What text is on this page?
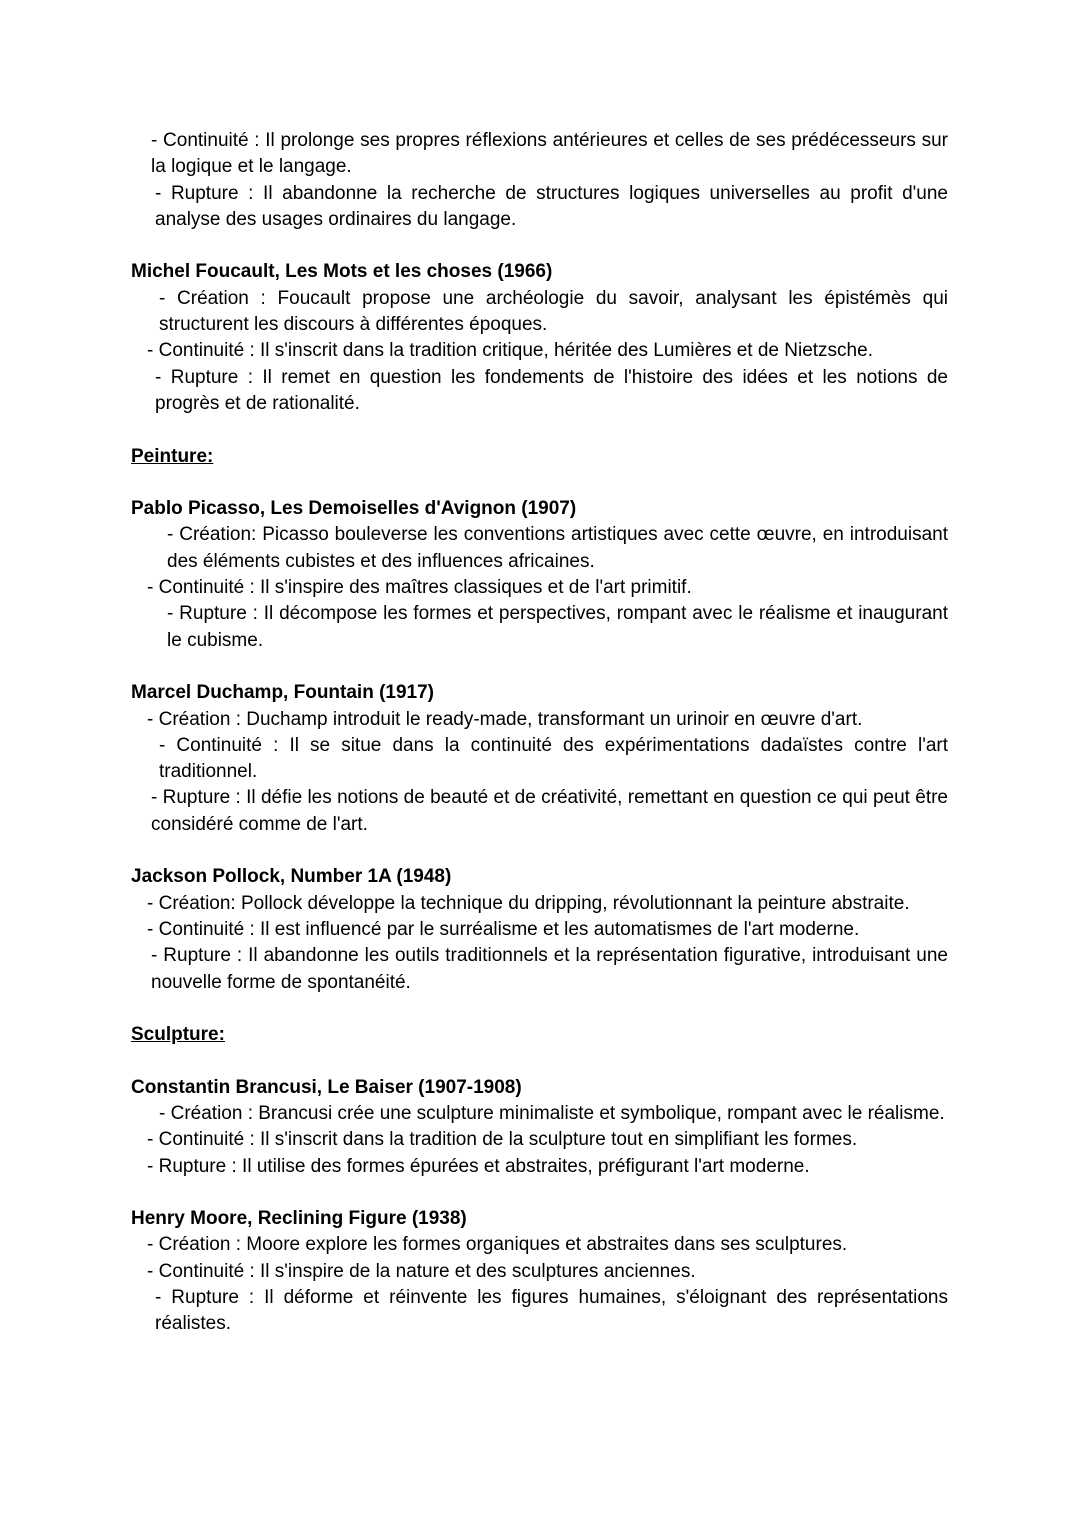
- Continuité : Il prolonge ses propres réflexions antérieures et celles de ses prédécesseurs sur la logique et le langage.

- Rupture : Il abandonne la recherche de structures logiques universelles au profit d'une analyse des usages ordinaires du langage.

Michel Foucault, Les Mots et les choses (1966)

- Création : Foucault propose une archéologie du savoir, analysant les épistémès qui structurent les discours à différentes époques.

- Continuité : Il s'inscrit dans la tradition critique, héritée des Lumières et de Nietzsche.

- Rupture : Il remet en question les fondements de l'histoire des idées et les notions de progrès et de rationalité.

Peinture:

Pablo Picasso, Les Demoiselles d'Avignon (1907)

- Création: Picasso bouleverse les conventions artistiques avec cette œuvre, en introduisant des éléments cubistes et des influences africaines.

- Continuité : Il s'inspire des maîtres classiques et de l'art primitif.

- Rupture : Il décompose les formes et perspectives, rompant avec le réalisme et inaugurant le cubisme.

Marcel Duchamp, Fountain (1917)

- Création : Duchamp introduit le ready-made, transformant un urinoir en œuvre d'art.

- Continuité : Il se situe dans la continuité des expérimentations dadaïstes contre l'art traditionnel.

- Rupture : Il défie les notions de beauté et de créativité, remettant en question ce qui peut être considéré comme de l'art.

Jackson Pollock, Number 1A (1948)

- Création: Pollock développe la technique du dripping, révolutionnant la peinture abstraite.

- Continuité : Il est influencé par le surréalisme et les automatismes de l'art moderne.

- Rupture : Il abandonne les outils traditionnels et la représentation figurative, introduisant une nouvelle forme de spontanéité.

Sculpture:

Constantin Brancusi, Le Baiser (1907-1908)

- Création : Brancusi crée une sculpture minimaliste et symbolique, rompant avec le réalisme.

- Continuité : Il s'inscrit dans la tradition de la sculpture tout en simplifiant les formes.

- Rupture : Il utilise des formes épurées et abstraites, préfigurant l'art moderne.

Henry Moore, Reclining Figure (1938)

- Création : Moore explore les formes organiques et abstraites dans ses sculptures.

- Continuité : Il s'inspire de la nature et des sculptures anciennes.

- Rupture : Il déforme et réinvente les figures humaines, s'éloignant des représentations réalistes.
